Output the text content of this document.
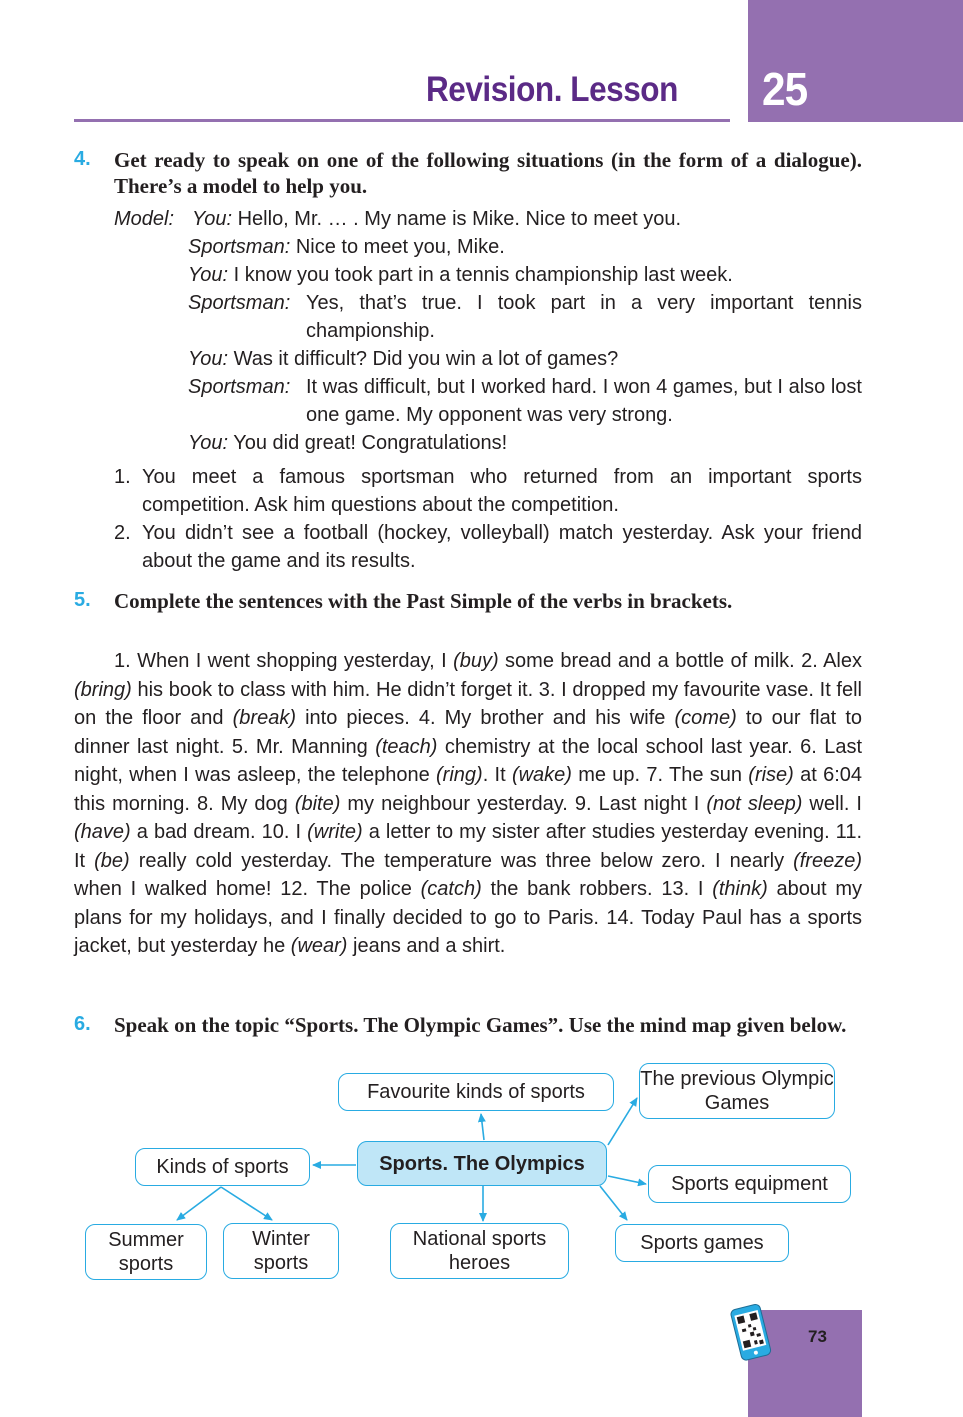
25
Revision. Lesson
4. Get ready to speak on one of the following situations (in the form of a dialogue). There’s a model to help you.
Model: You: Hello, Mr. … . My name is Mike. Nice to meet you.
Sportsman: Nice to meet you, Mike.
You: I know you took part in a tennis championship last week.
Sportsman: Yes, that’s true. I took part in a very important tennis championship.
You: Was it difficult? Did you win a lot of games?
Sportsman: It was difficult, but I worked hard. I won 4 games, but I also lost one game. My opponent was very strong.
You: You did great! Congratulations!
1. You meet a famous sportsman who returned from an important sports competition. Ask him questions about the competition.
2. You didn’t see a football (hockey, volleyball) match yesterday. Ask your friend about the game and its results.
5. Complete the sentences with the Past Simple of the verbs in brackets.
1. When I went shopping yesterday, I (buy) some bread and a bottle of milk. 2. Alex (bring) his book to class with him. He didn’t forget it. 3. I dropped my favourite vase. It fell on the floor and (break) into pieces. 4. My brother and his wife (come) to our flat to dinner last night. 5. Mr. Manning (teach) chemistry at the local school last year. 6. Last night, when I was asleep, the telephone (ring). It (wake) me up. 7. The sun (rise) at 6:04 this morning. 8. My dog (bite) my neighbour yesterday. 9. Last night I (not sleep) well. I (have) a bad dream. 10. I (write) a letter to my sister after studies yesterday evening. 11. It (be) really cold yesterday. The temperature was three below zero. I nearly (freeze) when I walked home! 12. The police (catch) the bank robbers. 13. I (think) about my plans for my holidays, and I finally decided to go to Paris. 14. Today Paul has a sports jacket, but yesterday he (wear) jeans and a shirt.
6. Speak on the topic “Sports. The Olympic Games”. Use the mind map given below.
Favourite kinds of sports
The previous Olympic Games
Sports. The Olympics
Kinds of sports
Sports equipment
Summer sports
Winter sports
National sports heroes
Sports games
73
